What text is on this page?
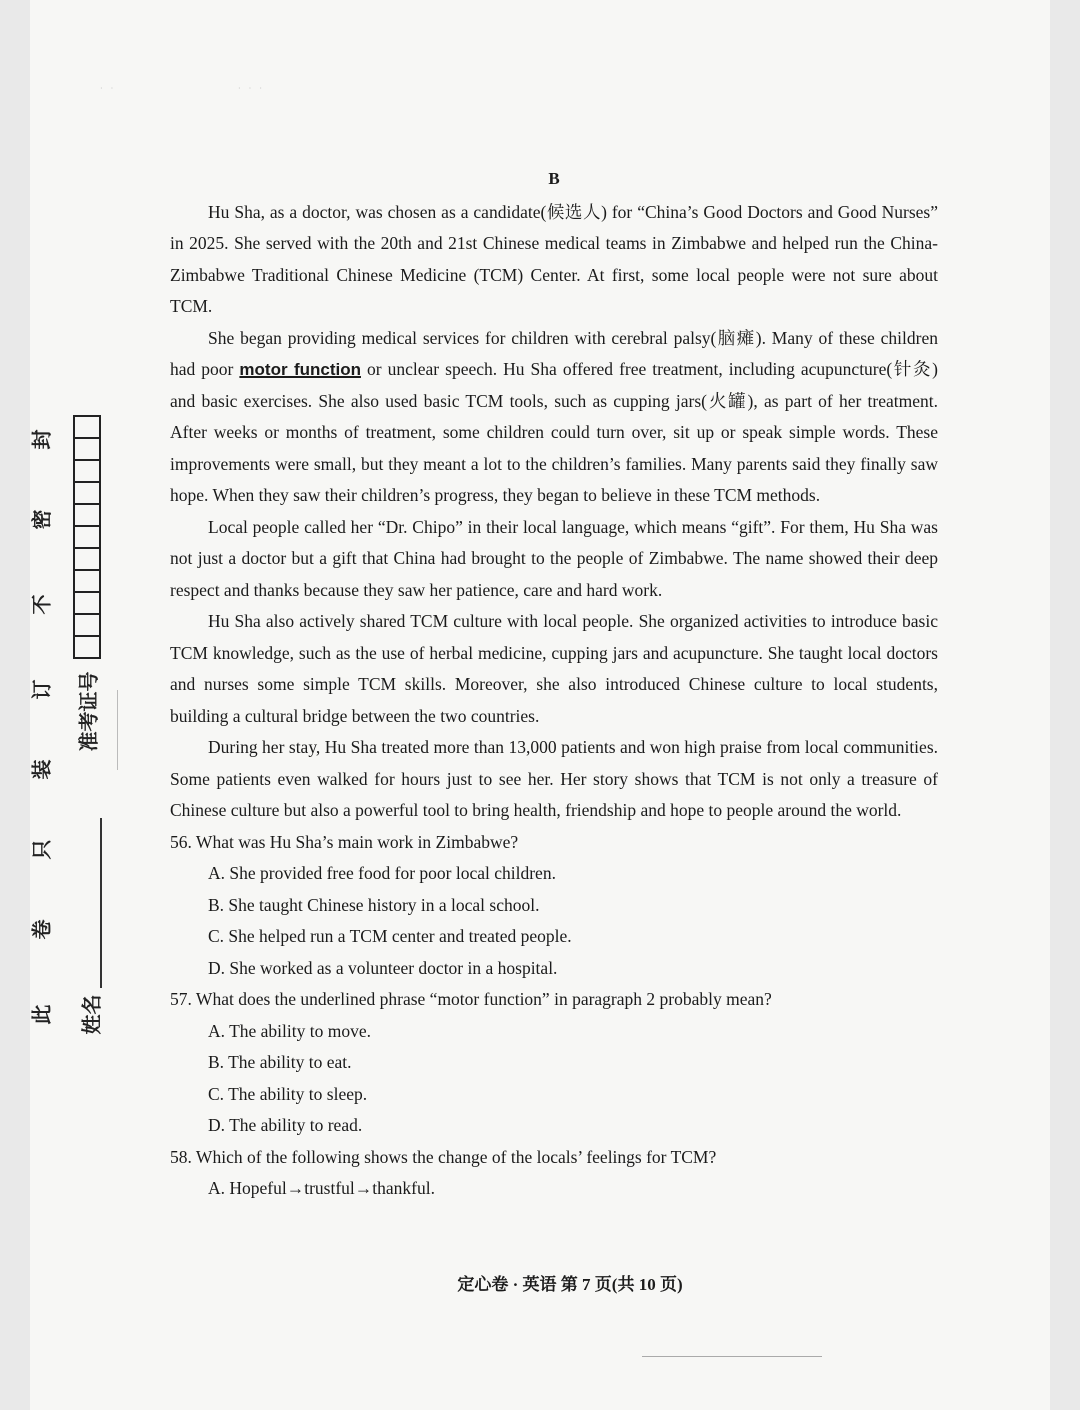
· ·	· · ·
封
密
不
订
装
只
卷
此
准考证号
姓名
B

Hu Sha, as a doctor, was chosen as a candidate(候选人) for “China’s Good Doctors and Good Nurses” in 2025. She served with the 20th and 21st Chinese medical teams in Zimbabwe and helped run the China-Zimbabwe Traditional Chinese Medicine (TCM) Center. At first, some local people were not sure about TCM.

She began providing medical services for children with cerebral palsy(脑瘫). Many of these children had poor motor function or unclear speech. Hu Sha offered free treatment, including acupuncture(针灸) and basic exercises. She also used basic TCM tools, such as cupping jars(火罐), as part of her treatment. After weeks or months of treatment, some children could turn over, sit up or speak simple words. These improvements were small, but they meant a lot to the children’s families. Many parents said they finally saw hope. When they saw their children’s progress, they began to believe in these TCM methods.

Local people called her “Dr. Chipo” in their local language, which means “gift”. For them, Hu Sha was not just a doctor but a gift that China had brought to the people of Zimbabwe. The name showed their deep respect and thanks because they saw her patience, care and hard work.

Hu Sha also actively shared TCM culture with local people. She organized activities to introduce basic TCM knowledge, such as the use of herbal medicine, cupping jars and acupuncture. She taught local doctors and nurses some simple TCM skills. Moreover, she also introduced Chinese culture to local students, building a cultural bridge between the two countries.

During her stay, Hu Sha treated more than 13,000 patients and won high praise from local communities. Some patients even walked for hours just to see her. Her story shows that TCM is not only a treasure of Chinese culture but also a powerful tool to bring health, friendship and hope to people around the world.

56. What was Hu Sha’s main work in Zimbabwe?

A. She provided free food for poor local children.

B. She taught Chinese history in a local school.

C. She helped run a TCM center and treated people.

D. She worked as a volunteer doctor in a hospital.

57. What does the underlined phrase “motor function” in paragraph 2 probably mean?

A. The ability to move.

B. The ability to eat.

C. The ability to sleep.

D. The ability to read.

58. Which of the following shows the change of the locals’ feelings for TCM?

A. Hopeful→trustful→thankful.

定心卷 · 英语 第 7 页(共 10 页)
